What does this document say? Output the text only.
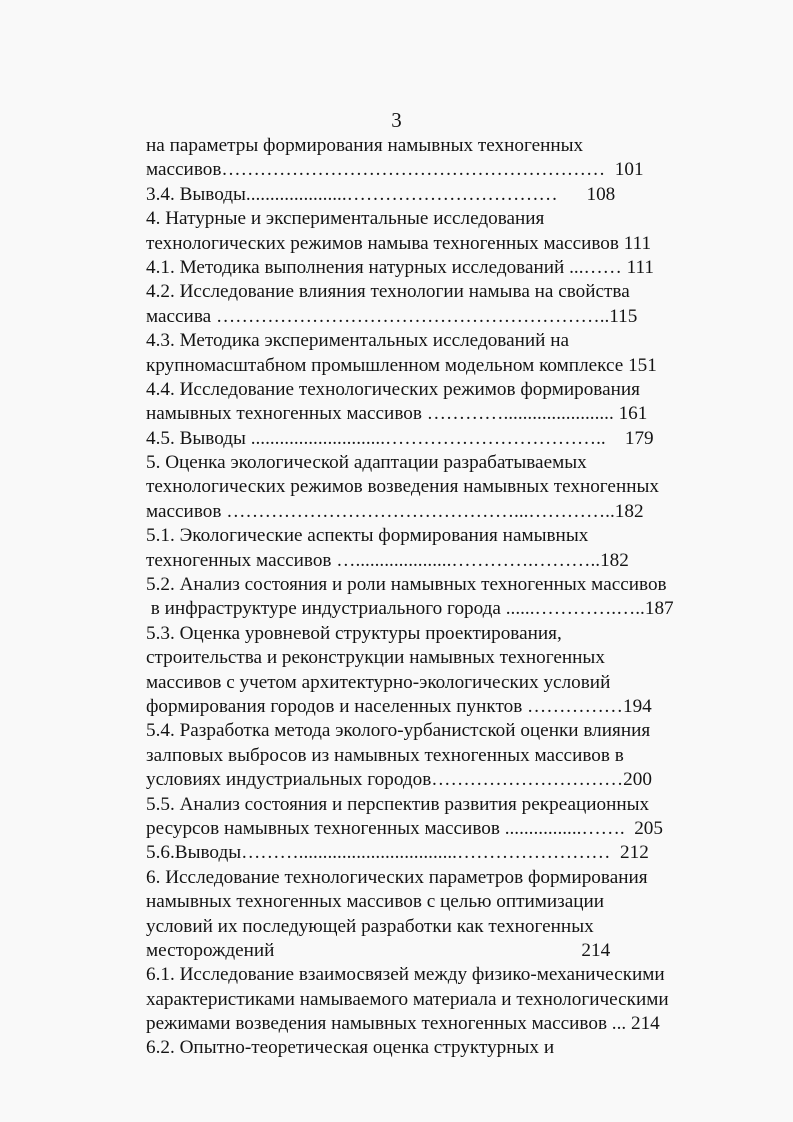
3
на параметры формирования намывных техногенных
массивов……………………………………………………  101
3.4. Выводы.....................……………………………      108
4. Натурные и экспериментальные исследования
технологических режимов намыва техногенных массивов 111
4.1. Методика выполнения натурных исследований ...…… 111
4.2. Исследование влияния технологии намыва на свойства
массива ……………………………………………………..115
4.3. Методика экспериментальных исследований на
крупномасштабном промышленном модельном комплексе 151
4.4. Исследование технологических режимов формирования
намывных техногенных массивов …………....................... 161
4.5. Выводы ............................……………………………..    179
5. Оценка экологической адаптации разрабатываемых
технологических режимов возведения намывных техногенных
массивов ………………………………………...…………..182
5.1. Экологические аспекты формирования намывных
техногенных массивов …....................………….………..182
5.2. Анализ состояния и роли намывных техногенных массивов
в инфраструктуре индустриального города ......………….…..187
5.3. Оценка уровневой структуры проектирования,
строительства и реконструкции намывных техногенных
массивов с учетом архитектурно-экологических условий
формирования городов и населенных пунктов ……………194
5.4. Разработка метода эколого-урбанистской оценки влияния
залповых выбросов из намывных техногенных массивов в
условиях индустриальных городов…………………………200
5.5. Анализ состояния и перспектив развития рекреационных
ресурсов намывных техногенных массивов ................…….  205
5.6.Выводы……….................................……………………  212
6. Исследование технологических параметров формирования
намывных техногенных массивов с целью оптимизации
условий их последующей разработки как техногенных
месторождений                                                                214
6.1. Исследование взаимосвязей между физико-механическими
характеристиками намываемого материала и технологическими
режимами возведения намывных техногенных массивов ... 214
6.2. Опытно-теоретическая оценка структурных и
